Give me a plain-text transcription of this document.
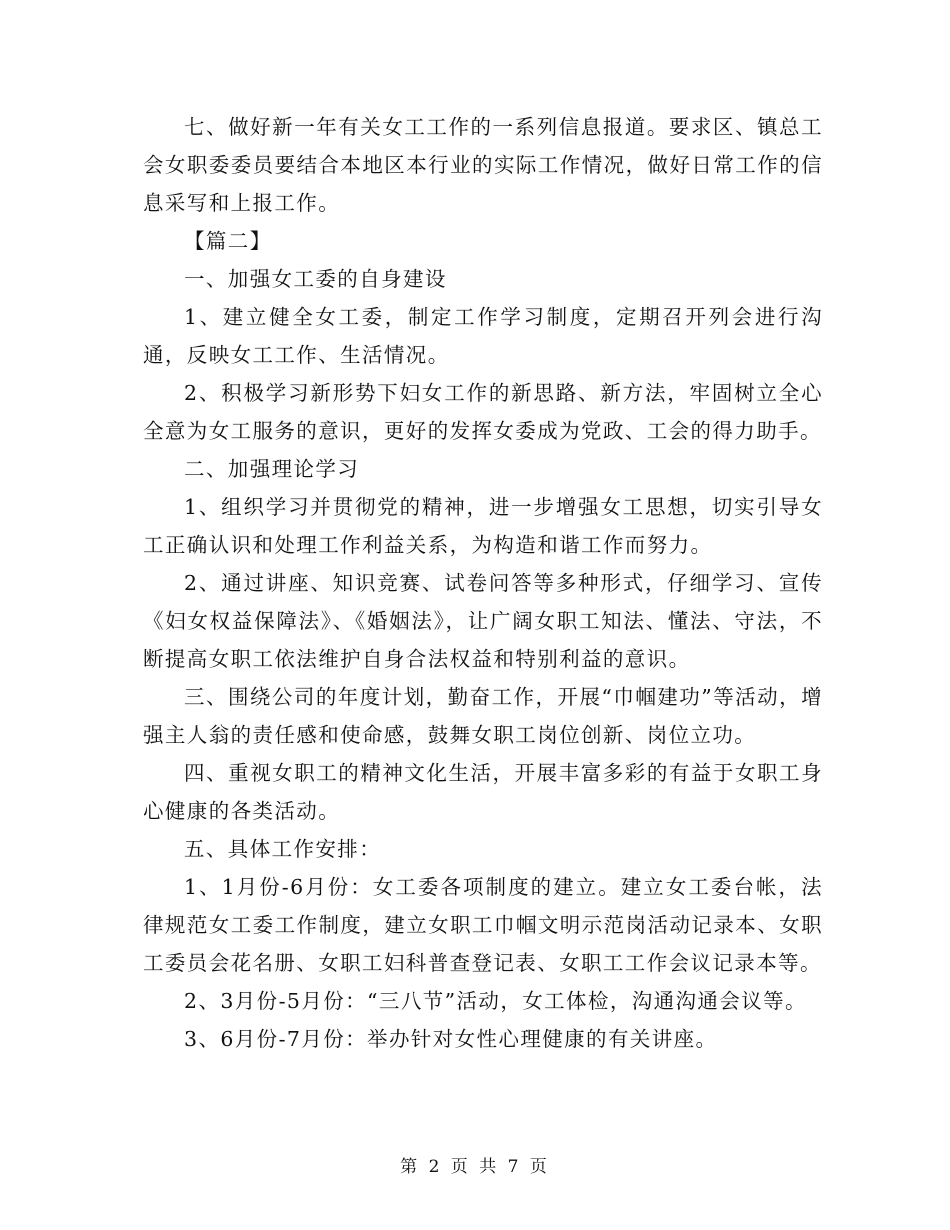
七、做好新一年有关女工工作的一系列信息报道。要求区、镇总工会女职委委员要结合本地区本行业的实际工作情况，做好日常工作的信息采写和上报工作。

【篇二】

一、加强女工委的自身建设

1、建立健全女工委，制定工作学习制度，定期召开列会进行沟通，反映女工工作、生活情况。

2、积极学习新形势下妇女工作的新思路、新方法，牢固树立全心全意为女工服务的意识，更好的发挥女委成为党政、工会的得力助手。

二、加强理论学习

1、组织学习并贯彻党的精神，进一步增强女工思想，切实引导女工正确认识和处理工作利益关系，为构造和谐工作而努力。

2、通过讲座、知识竞赛、试卷问答等多种形式，仔细学习、宣传《妇女权益保障法》、《婚姻法》，让广阔女职工知法、懂法、守法，不断提高女职工依法维护自身合法权益和特别利益的意识。

三、围绕公司的年度计划，勤奋工作，开展“巾帼建功”等活动，增强主人翁的责任感和使命感，鼓舞女职工岗位创新、岗位立功。

四、重视女职工的精神文化生活，开展丰富多彩的有益于女职工身心健康的各类活动。

五、具体工作安排：

1、1月份-6月份：女工委各项制度的建立。建立女工委台帐，法律规范女工委工作制度，建立女职工巾帼文明示范岗活动记录本、女职工委员会花名册、女职工妇科普查登记表、女职工工作会议记录本等。

2、3月份-5月份：“三八节”活动，女工体检，沟通沟通会议等。

3、6月份-7月份：举办针对女性心理健康的有关讲座。

第 2 页 共 7 页
